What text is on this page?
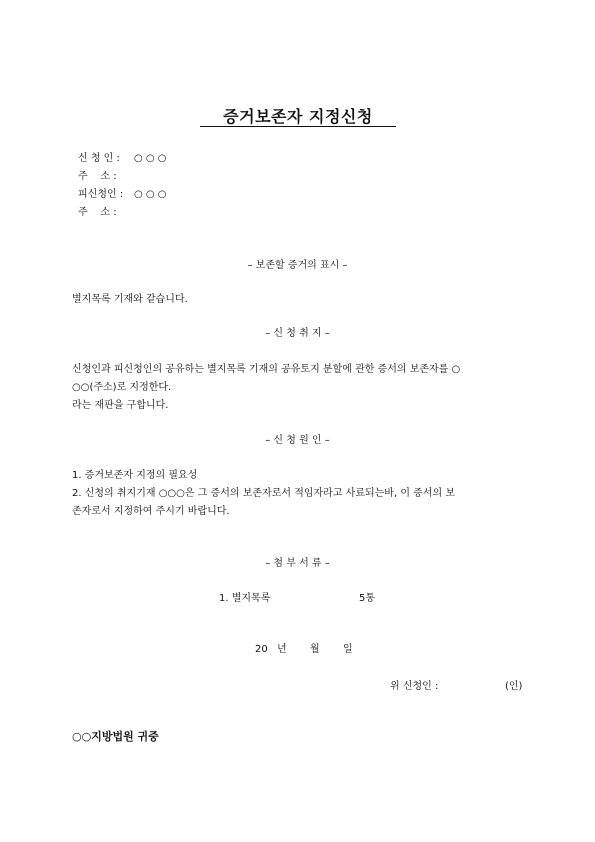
증거보존자 지정신청
신 청 인 : ○ ○ ○
주    소 :
피신청인 : ○ ○ ○
주    소 :
– 보존할 증거의 표시 –
별지목록 기재와 같습니다.
– 신 청 취 지 –
신청인과 피신청인의 공유하는 별지목록 기재의 공유토지 분할에 관한 증서의 보존자를 ○
○○(주소)로 지정한다.
라는 재판을 구합니다.
– 신 청 원 인 –
1. 증거보존자 지정의 필요성
2. 신청의 취지기재 ○○○은 그 증서의 보존자로서 적임자라고 사료되는바, 이 증서의 보
존자로서 지정하여 주시기 바랍니다.
– 첨 부 서 류 –
1. 별지목록	5통
20 년 월 일
위 신청인 :	(인)
○○지방법원 귀중
